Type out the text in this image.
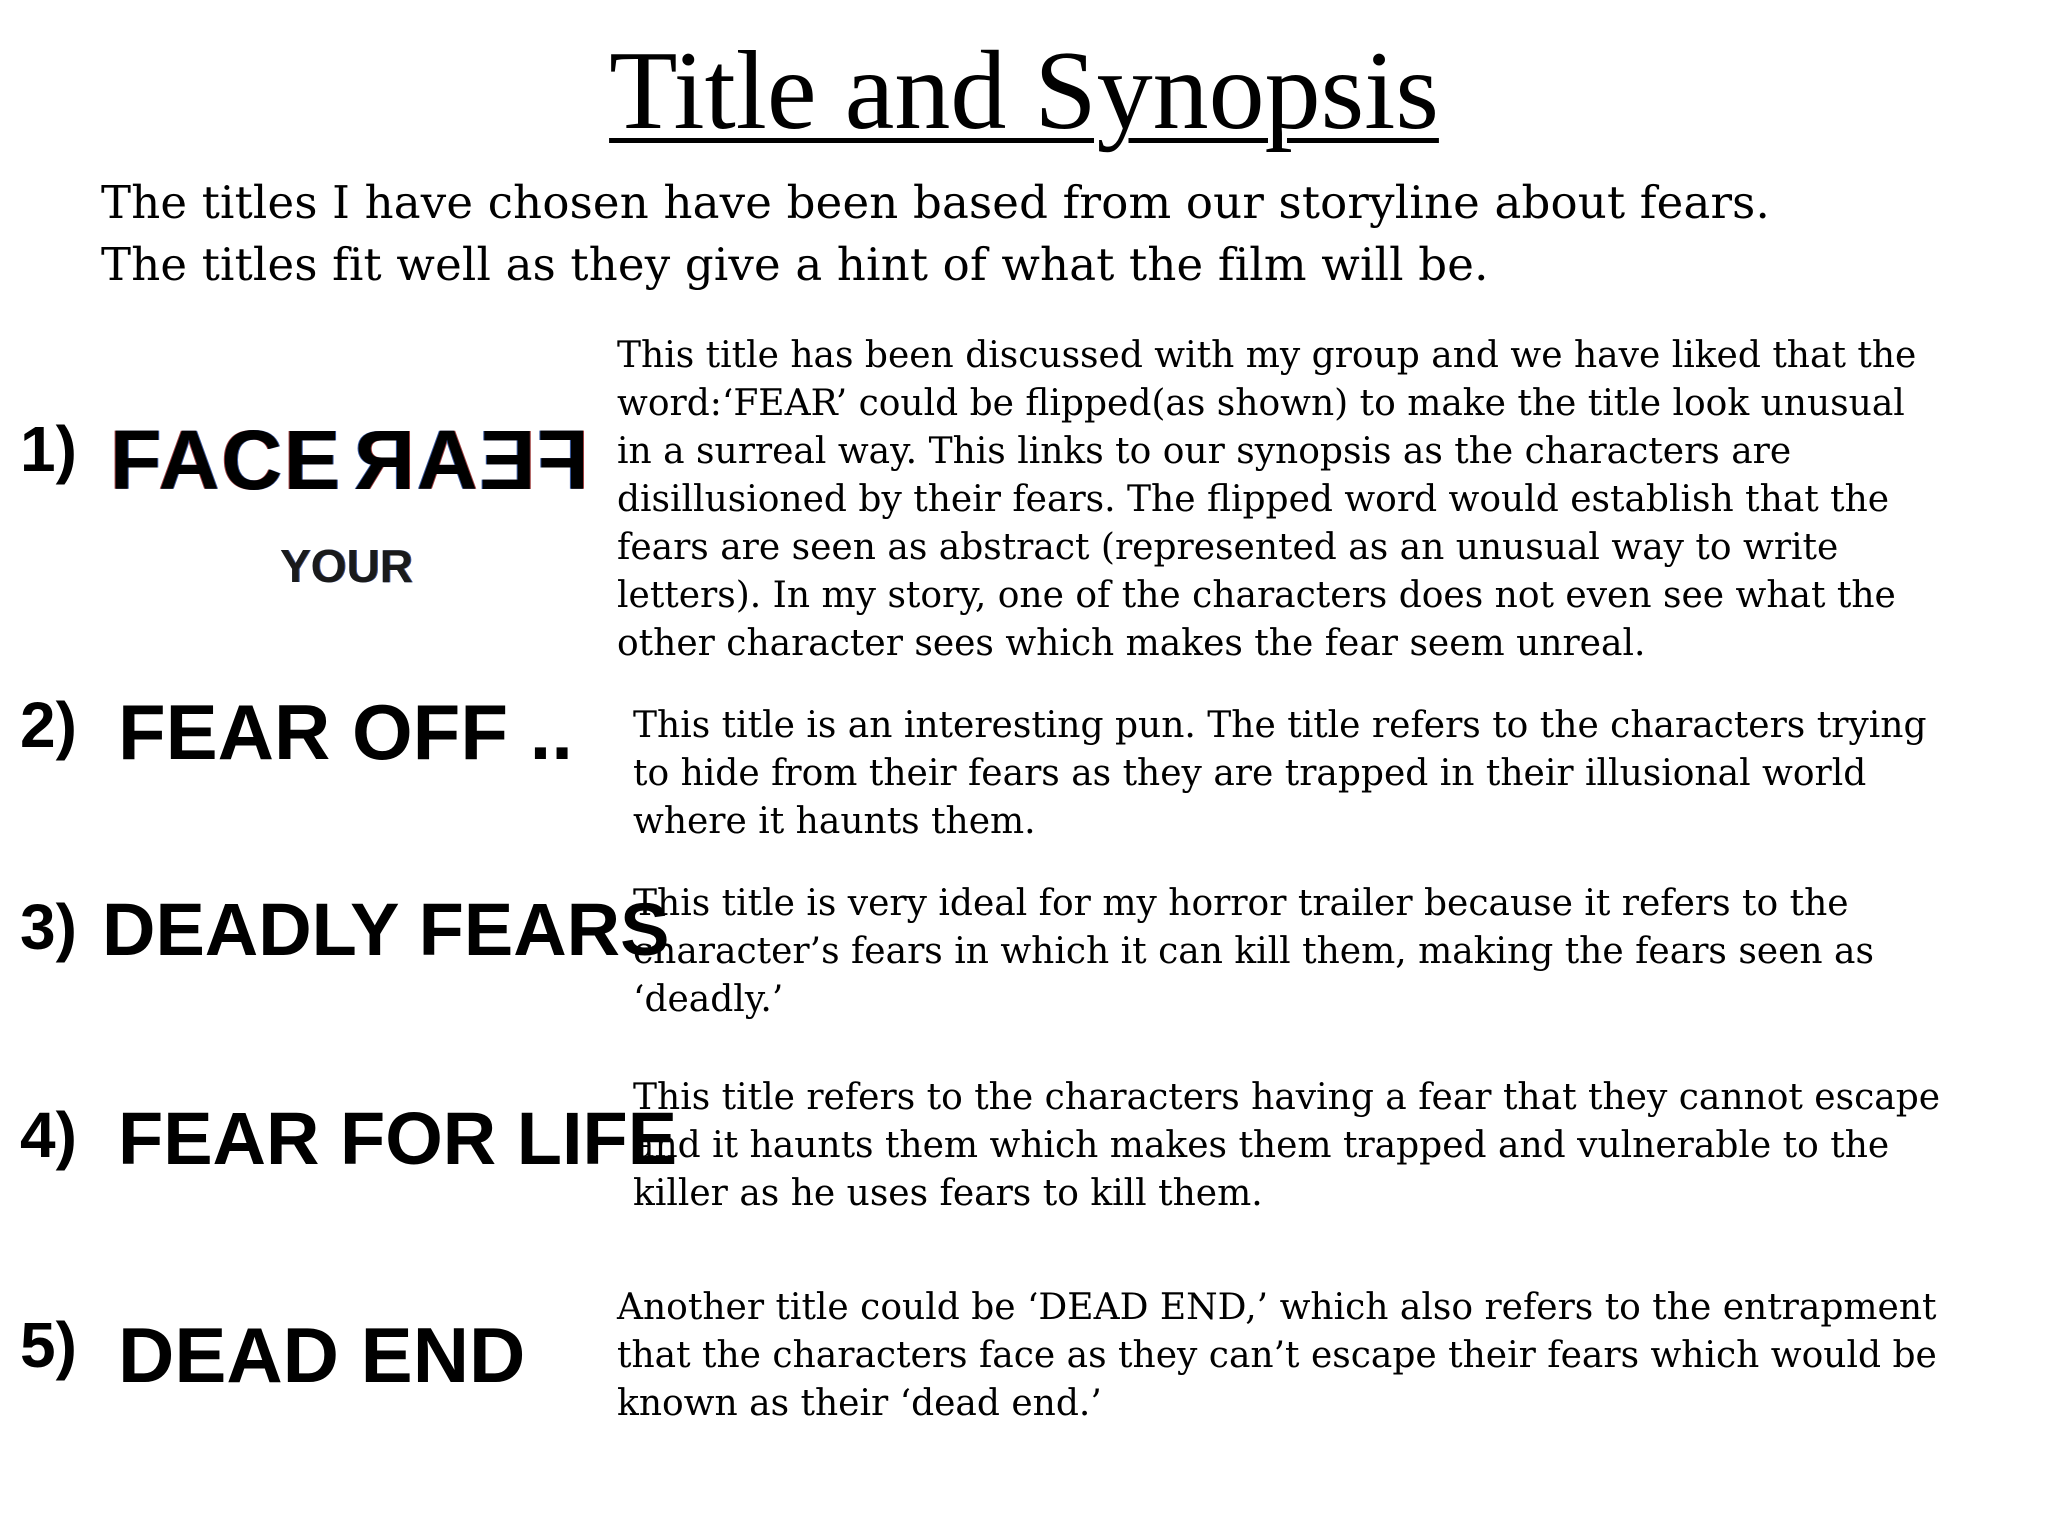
Title and Synopsis
The titles I have chosen have been based from our storyline about fears.
The titles fit well as they give a hint of what the film will be.
1) FACE FEAR
YOUR
This title has been discussed with my group and we have liked that the
word:‘FEAR’ could be flipped(as shown) to make the title look unusual
in a surreal way. This links to our synopsis as the characters are
disillusioned by their fears. The flipped word would establish that the
fears are seen as abstract (represented as an unusual way to write
letters). In my story, one of the characters does not even see what the
other character sees which makes the fear seem unreal.
2) FEAR OFF .. This title is an interesting pun. The title refers to the characters trying
to hide from their fears as they are trapped in their illusional world
where it haunts them.
3) DEADLY FEARS
This title is very ideal for my horror trailer because it refers to the
character’s fears in which it can kill them, making the fears seen as
‘deadly.’
4) FEAR FOR LIFE
This title refers to the characters having a fear that they cannot escape
and it haunts them which makes them trapped and vulnerable to the
killer as he uses fears to kill them.
5) DEAD END
Another title could be ‘DEAD END,’ which also refers to the entrapment
that the characters face as they can’t escape their fears which would be
known as their ‘dead end.’
